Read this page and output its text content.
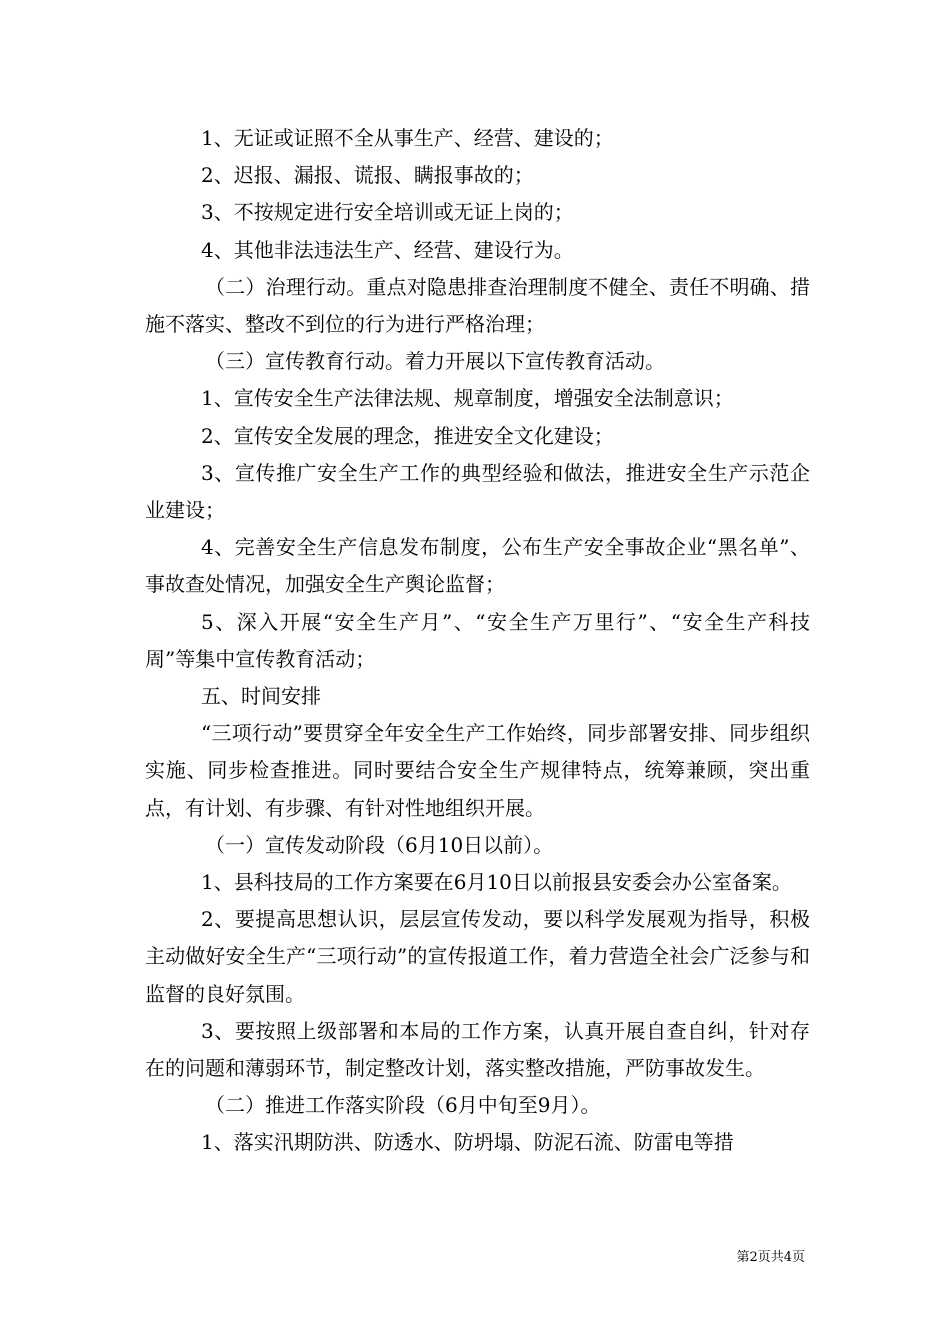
1、无证或证照不全从事生产、经营、建设的；

2、迟报、漏报、谎报、瞒报事故的；

3、不按规定进行安全培训或无证上岗的；

4、其他非法违法生产、经营、建设行为。

（二）治理行动。重点对隐患排查治理制度不健全、责任不明确、措施不落实、整改不到位的行为进行严格治理；

（三）宣传教育行动。着力开展以下宣传教育活动。

1、宣传安全生产法律法规、规章制度，增强安全法制意识；

2、宣传安全发展的理念，推进安全文化建设；

3、宣传推广安全生产工作的典型经验和做法，推进安全生产示范企业建设；

4、完善安全生产信息发布制度，公布生产安全事故企业“黑名单”、事故查处情况，加强安全生产舆论监督；

5、深入开展“安全生产月”、“安全生产万里行”、“安全生产科技周”等集中宣传教育活动；

五、时间安排

“三项行动”要贯穿全年安全生产工作始终，同步部署安排、同步组织实施、同步检查推进。同时要结合安全生产规律特点，统筹兼顾，突出重点，有计划、有步骤、有针对性地组织开展。

（一）宣传发动阶段（6月10日以前）。

1、县科技局的工作方案要在6月10日以前报县安委会办公室备案。

2、要提高思想认识，层层宣传发动，要以科学发展观为指导，积极主动做好安全生产“三项行动”的宣传报道工作，着力营造全社会广泛参与和监督的良好氛围。

3、要按照上级部署和本局的工作方案，认真开展自查自纠，针对存在的问题和薄弱环节，制定整改计划，落实整改措施，严防事故发生。

（二）推进工作落实阶段（6月中旬至9月）。

1、落实汛期防洪、防透水、防坍塌、防泥石流、防雷电等措

第2页共4页
